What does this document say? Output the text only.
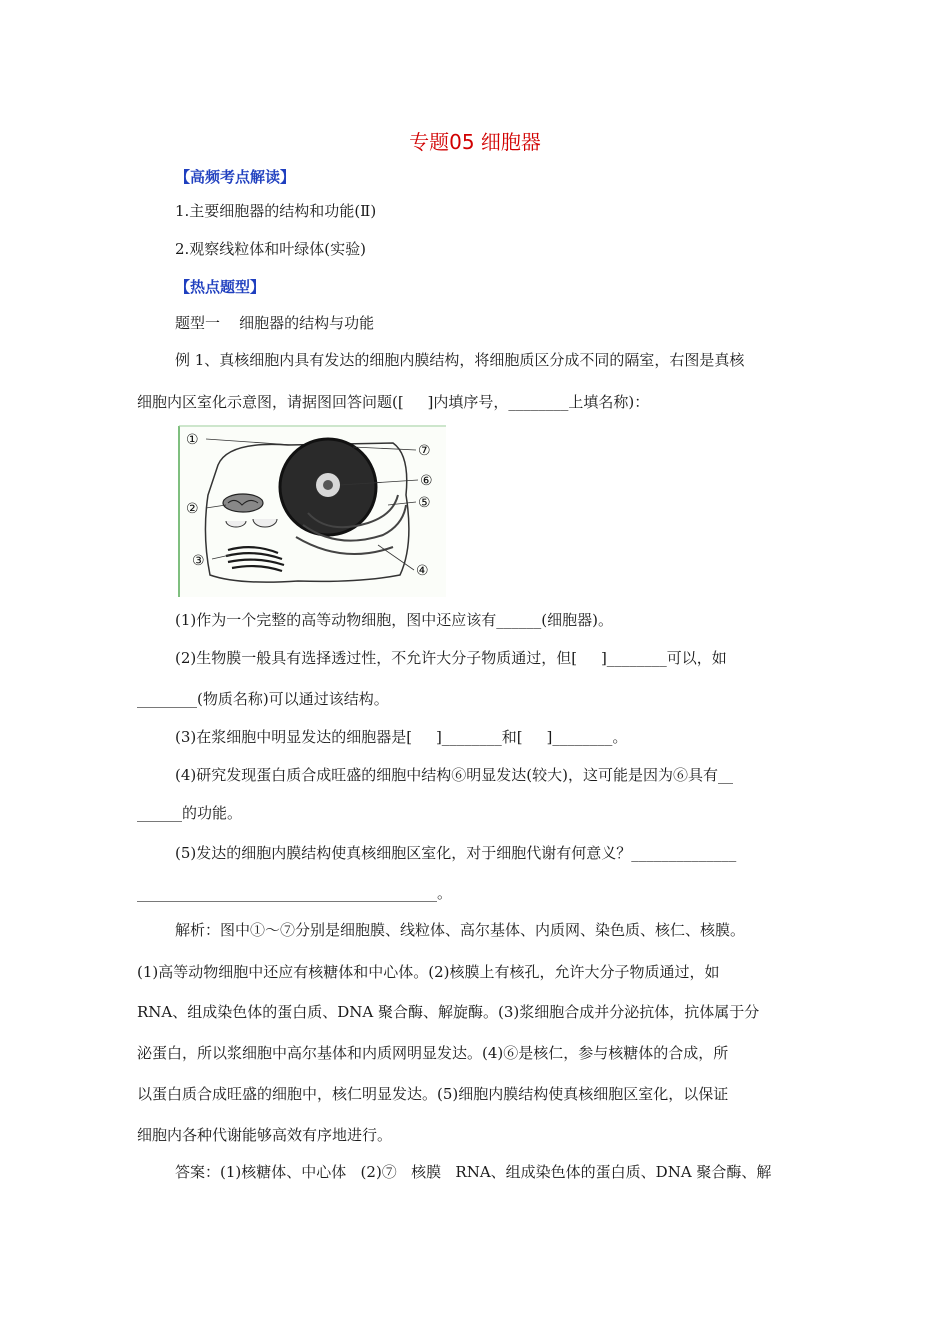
专题05 细胞器
【高频考点解读】
1.主要细胞器的结构和功能(Ⅱ)
2.观察线粒体和叶绿体(实验)
【热点题型】
题型一    细胞器的结构与功能
例 1、真核细胞内具有发达的细胞内膜结构，将细胞质区分成不同的隔室，右图是真核
细胞内区室化示意图，请据图回答问题([     ]内填序号，________上填名称)：
①
②
③
④
⑤
⑥
⑦
(1)作为一个完整的高等动物细胞，图中还应该有______(细胞器)。
(2)生物膜一般具有选择透过性，不允许大分子物质通过，但[     ]________可以，如
________(物质名称)可以通过该结构。
(3)在浆细胞中明显发达的细胞器是[     ]________和[     ]________。
(4)研究发现蛋白质合成旺盛的细胞中结构⑥明显发达(较大)，这可能是因为⑥具有__
______的功能。
(5)发达的细胞内膜结构使真核细胞区室化，对于细胞代谢有何意义？______________
________________________________________。
解析：图中①～⑦分别是细胞膜、线粒体、高尔基体、内质网、染色质、核仁、核膜。
(1)高等动物细胞中还应有核糖体和中心体。(2)核膜上有核孔，允许大分子物质通过，如
RNA、组成染色体的蛋白质、DNA 聚合酶、解旋酶。(3)浆细胞合成并分泌抗体，抗体属于分
泌蛋白，所以浆细胞中高尔基体和内质网明显发达。(4)⑥是核仁，参与核糖体的合成，所
以蛋白质合成旺盛的细胞中，核仁明显发达。(5)细胞内膜结构使真核细胞区室化，以保证
细胞内各种代谢能够高效有序地进行。
答案：(1)核糖体、中心体   (2)⑦   核膜   RNA、组成染色体的蛋白质、DNA 聚合酶、解
